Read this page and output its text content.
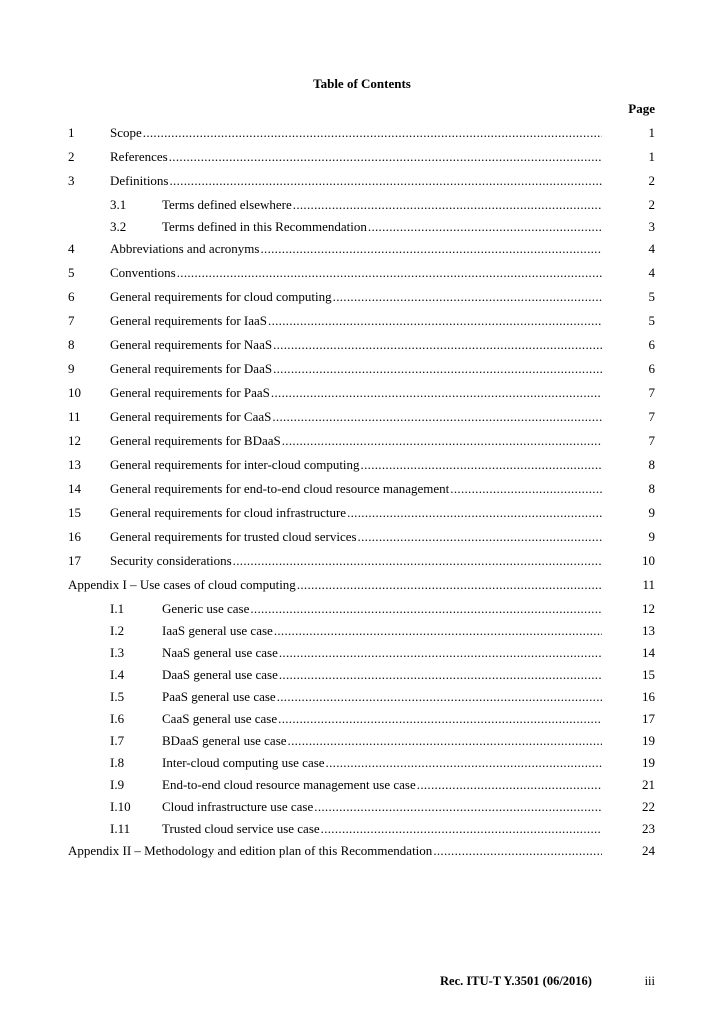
Table of Contents
Page
1	Scope .....	1
2	References .....	1
3	Definitions .....	2
3.1	Terms defined elsewhere .....	2
3.2	Terms defined in this Recommendation .....	3
4	Abbreviations and acronyms .....	4
5	Conventions .....	4
6	General requirements for cloud computing .....	5
7	General requirements for IaaS .....	5
8	General requirements for NaaS .....	6
9	General requirements for DaaS .....	6
10 General requirements for PaaS .....	7
11 General requirements for CaaS .....	7
12 General requirements for BDaaS .....	7
13 General requirements for inter-cloud computing .....	8
14 General requirements for end-to-end cloud resource management .....	8
15 General requirements for cloud infrastructure .....	9
16 General requirements for trusted cloud services .....	9
17 Security considerations .....	10
Appendix I – Use cases of cloud computing .....	11
I.1	Generic use case .....	12
I.2	IaaS general use case .....	13
I.3	NaaS general use case .....	14
I.4	DaaS general use case .....	15
I.5	PaaS general use case .....	16
I.6	CaaS general use case .....	17
I.7	BDaaS general use case .....	19
I.8	Inter-cloud computing use case .....	19
I.9	End-to-end cloud resource management use case .....	21
I.10 Cloud infrastructure use case .....	22
I.11 Trusted cloud service use case .....	23
Appendix II – Methodology and edition plan of this Recommendation .....	24
Rec. ITU-T Y.3501 (06/2016)	iii
